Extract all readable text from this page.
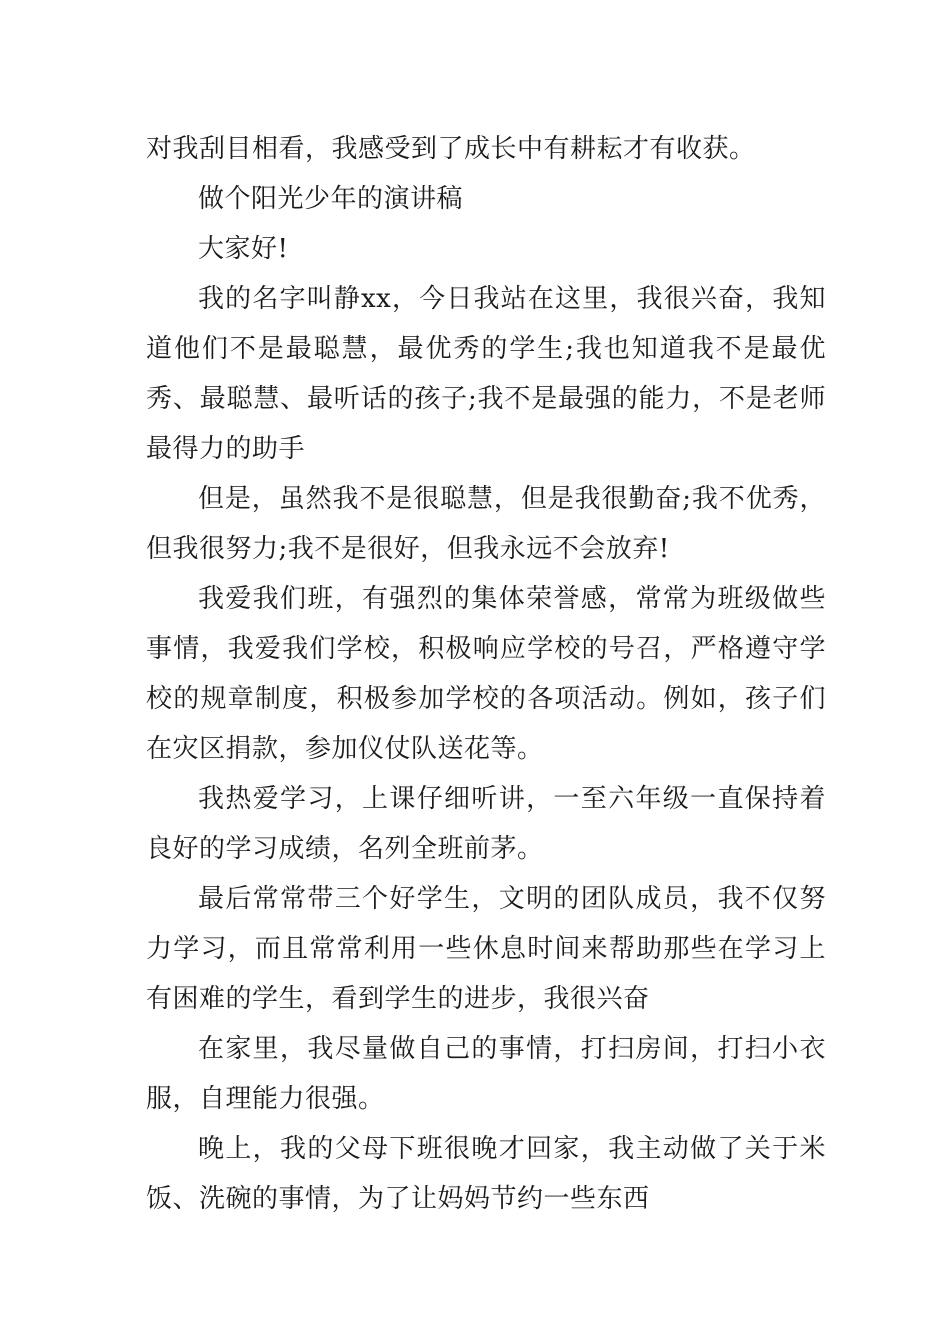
对我刮目相看，我感受到了成长中有耕耘才有收获。

做个阳光少年的演讲稿

大家好!

我的名字叫静xx，今日我站在这里，我很兴奋，我知道他们不是最聪慧，最优秀的学生;我也知道我不是最优秀、最聪慧、最听话的孩子;我不是最强的能力，不是老师最得力的助手

但是，虽然我不是很聪慧，但是我很勤奋;我不优秀，但我很努力;我不是很好，但我永远不会放弃!

我爱我们班，有强烈的集体荣誉感，常常为班级做些事情，我爱我们学校，积极响应学校的号召，严格遵守学校的规章制度，积极参加学校的各项活动。例如，孩子们在灾区捐款，参加仪仗队送花等。

我热爱学习，上课仔细听讲，一至六年级一直保持着良好的学习成绩，名列全班前茅。

最后常常带三个好学生，文明的团队成员，我不仅努力学习，而且常常利用一些休息时间来帮助那些在学习上有困难的学生，看到学生的进步，我很兴奋

在家里，我尽量做自己的事情，打扫房间，打扫小衣服，自理能力很强。

晚上，我的父母下班很晚才回家，我主动做了关于米饭、洗碗的事情，为了让妈妈节约一些东西
